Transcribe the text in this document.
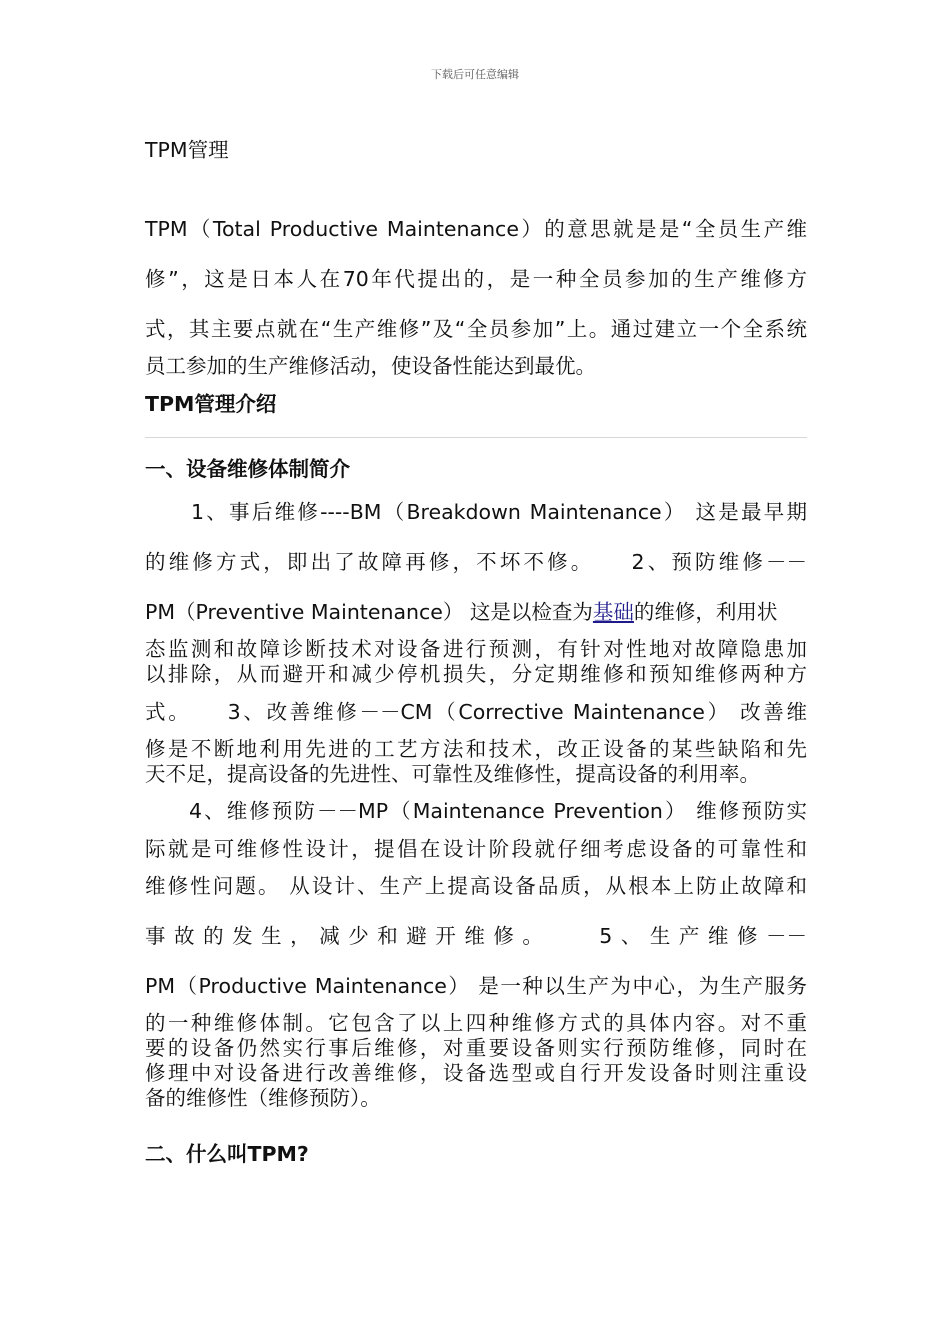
下载后可任意编辑
TPM管理
TPM（Total Productive Maintenance）的意思就是是“全员生产维
修”，这是日本人在70年代提出的，是一种全员参加的生产维修方
式，其主要点就在“生产维修”及“全员参加”上。通过建立一个全系统
员工参加的生产维修活动，使设备性能达到最优。
TPM管理介绍
一、设备维修体制简介
1、事后维修----BM（Breakdown Maintenance） 这是最早期
的维修方式，即出了故障再修，不坏不修。　　2、预防维修－－
PM（Preventive Maintenance） 这是以检查为基础的维修，利用状
态监测和故障诊断技术对设备进行预测，有针对性地对故障隐患加
以排除，从而避开和减少停机损失，分定期维修和预知维修两种方
式。　　3、改善维修－－CM（Corrective Maintenance） 改善维
修是不断地利用先进的工艺方法和技术，改正设备的某些缺陷和先
天不足，提高设备的先进性、可靠性及维修性，提高设备的利用率。
4、维修预防－－MP（Maintenance Prevention） 维修预防实
际就是可维修性设计，提倡在设计阶段就仔细考虑设备的可靠性和
维修性问题。 从设计、生产上提高设备品质，从根本上防止故障和
事故的发生，减少和避开维修。　　5、生产维修－－
PM（Productive Maintenance） 是一种以生产为中心，为生产服务
的一种维修体制。它包含了以上四种维修方式的具体内容。对不重
要的设备仍然实行事后维修，对重要设备则实行预防维修，同时在
修理中对设备进行改善维修，设备选型或自行开发设备时则注重设
备的维修性（维修预防）。
二、什么叫TPM?
